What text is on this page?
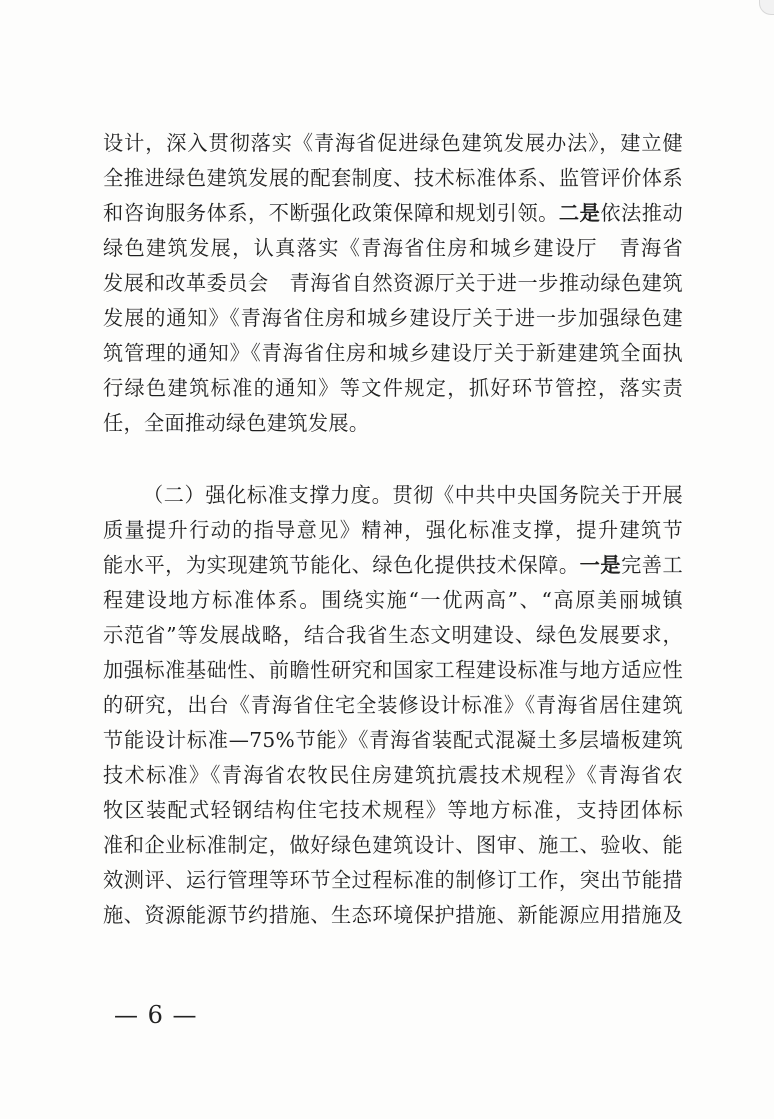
设计，深入贯彻落实《青海省促进绿色建筑发展办法》，建立健
全推进绿色建筑发展的配套制度、技术标准体系、监管评价体系
和咨询服务体系，不断强化政策保障和规划引领。二是依法推动
绿色建筑发展，认真落实《青海省住房和城乡建设厅　青海省
发展和改革委员会　青海省自然资源厅关于进一步推动绿色建筑
发展的通知》《青海省住房和城乡建设厅关于进一步加强绿色建
筑管理的通知》《青海省住房和城乡建设厅关于新建建筑全面执
行绿色建筑标准的通知》等文件规定，抓好环节管控，落实责
任，全面推动绿色建筑发展。
（二）强化标准支撑力度。贯彻《中共中央国务院关于开展
质量提升行动的指导意见》精神，强化标准支撑，提升建筑节
能水平，为实现建筑节能化、绿色化提供技术保障。一是完善工
程建设地方标准体系。围绕实施“一优两高”、“高原美丽城镇
示范省”等发展战略，结合我省生态文明建设、绿色发展要求，
加强标准基础性、前瞻性研究和国家工程建设标准与地方适应性
的研究，出台《青海省住宅全装修设计标准》《青海省居住建筑
节能设计标准—75%节能》《青海省装配式混凝土多层墙板建筑
技术标准》《青海省农牧民住房建筑抗震技术规程》《青海省农
牧区装配式轻钢结构住宅技术规程》等地方标准，支持团体标
准和企业标准制定，做好绿色建筑设计、图审、施工、验收、能
效测评、运行管理等环节全过程标准的制修订工作，突出节能措
施、资源能源节约措施、生态环境保护措施、新能源应用措施及
— 6 —
